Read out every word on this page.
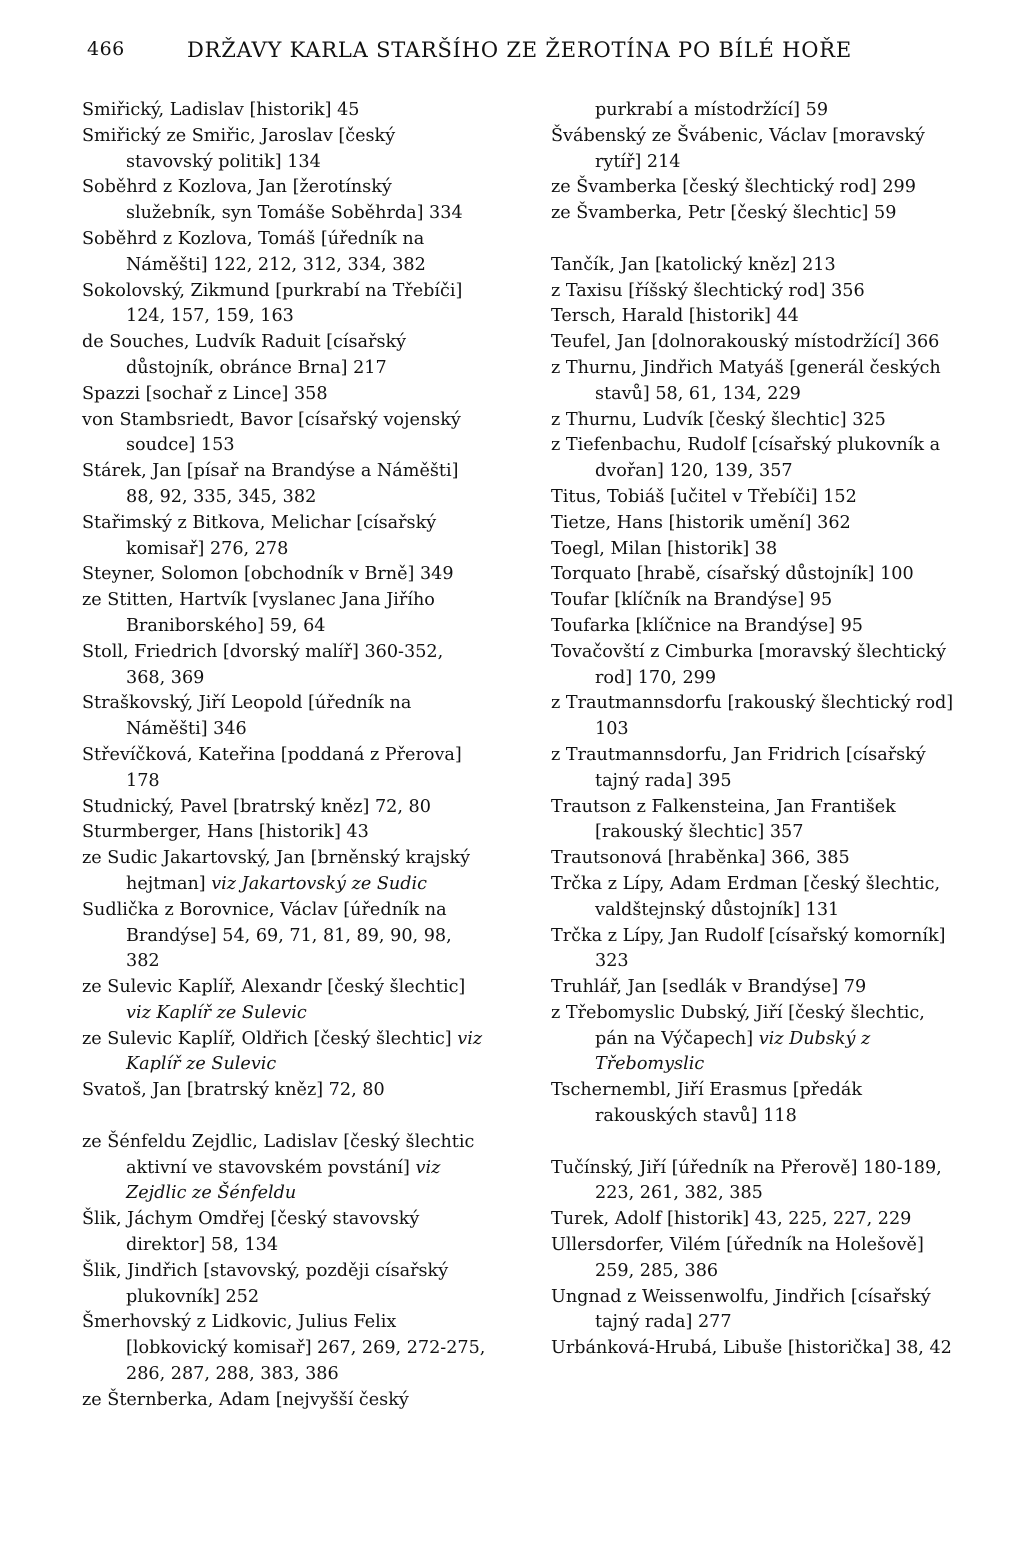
466	DRŽAVY KARLA STARŠÍHO ZE ŽEROTÍNA PO BÍLÉ HOŘE

Smiřický, Ladislav [historik] 45

Smiřický ze Smiřic, Jaroslav [český stavovský politik] 134

Soběhrd z Kozlova, Jan [žerotínský služebník, syn Tomáše Soběhrda] 334

Soběhrd z Kozlova, Tomáš [úředník na Náměšti] 122, 212, 312, 334, 382

Sokolovský, Zikmund [purkrabí na Třebíči] 124, 157, 159, 163

de Souches, Ludvík Raduit [císařský důstojník, obránce Brna] 217

Spazzi [sochař z Lince] 358

von Stambsriedt, Bavor [císařský vojenský soudce] 153

Stárek, Jan [písař na Brandýse a Náměšti] 88, 92, 335, 345, 382

Stařimský z Bitkova, Melichar [císařský komisař] 276, 278

Steyner, Solomon [obchodník v Brně] 349

ze Stitten, Hartvík [vyslanec Jana Jiřího Braniborského] 59, 64

Stoll, Friedrich [dvorský malíř] 360-352, 368, 369

Straškovský, Jiří Leopold [úředník na Náměšti] 346

Střevíčková, Kateřina [poddaná z Přerova] 178

Studnický, Pavel [bratrský kněz] 72, 80

Sturmberger, Hans [historik] 43

ze Sudic Jakartovský, Jan [brněnský krajský hejtman] viz Jakartovský ze Sudic

Sudlička z Borovnice, Václav [úředník na Brandýse] 54, 69, 71, 81, 89, 90, 98, 382

ze Sulevic Kaplíř, Alexandr [český šlechtic] viz Kaplíř ze Sulevic

ze Sulevic Kaplíř, Oldřich [český šlechtic] viz Kaplíř ze Sulevic

Svatoš, Jan [bratrský kněz] 72, 80

ze Šénfeldu Zejdlic, Ladislav [český šlechtic aktivní ve stavovském povstání] viz Zejdlic ze Šénfeldu

Šlik, Jáchym Omdřej [český stavovský direktor] 58, 134

Šlik, Jindřich [stavovský, později císařský plukovník] 252

Šmerhovský z Lidkovic, Julius Felix [lobkovický komisař] 267, 269, 272-275, 286, 287, 288, 383, 386

ze Šternberka, Adam [nejvyšší český

purkrabí a místodržící] 59

Švábenský ze Švábenic, Václav [moravský rytíř] 214

ze Švamberka [český šlechtický rod] 299

ze Švamberka, Petr [český šlechtic] 59

Tančík, Jan [katolický kněz] 213

z Taxisu [říšský šlechtický rod] 356

Tersch, Harald [historik] 44

Teufel, Jan [dolnorakouský místodržící] 366

z Thurnu, Jindřich Matyáš [generál českých stavů] 58, 61, 134, 229

z Thurnu, Ludvík [český šlechtic] 325

z Tiefenbachu, Rudolf [císařský plukovník a dvořan] 120, 139, 357

Titus, Tobiáš [učitel v Třebíči] 152

Tietze, Hans [historik umění] 362

Toegl, Milan [historik] 38

Torquato [hrabě, císařský důstojník] 100

Toufar [klíčník na Brandýse] 95

Toufarka [klíčnice na Brandýse] 95

Tovačovští z Cimburka [moravský šlechtický rod] 170, 299

z Trautmannsdorfu [rakouský šlechtický rod] 103

z Trautmannsdorfu, Jan Fridrich [císařský tajný rada] 395

Trautson z Falkensteina, Jan František [rakouský šlechtic] 357

Trautsonová [hraběnka] 366, 385

Trčka z Lípy, Adam Erdman [český šlechtic, valdštejnský důstojník] 131

Trčka z Lípy, Jan Rudolf [císařský komorník] 323

Truhlář, Jan [sedlák v Brandýse] 79

z Třebomyslic Dubský, Jiří [český šlechtic, pán na Výčapech] viz Dubský z Třebomyslic

Tschernembl, Jiří Erasmus [předák rakouských stavů] 118

Tučínský, Jiří [úředník na Přerově] 180-189, 223, 261, 382, 385

Turek, Adolf [historik] 43, 225, 227, 229

Ullersdorfer, Vilém [úředník na Holešově] 259, 285, 386

Ungnad z Weissenwolfu, Jindřich [císařský tajný rada] 277

Urbánková-Hrubá, Libuše [historička] 38, 42
